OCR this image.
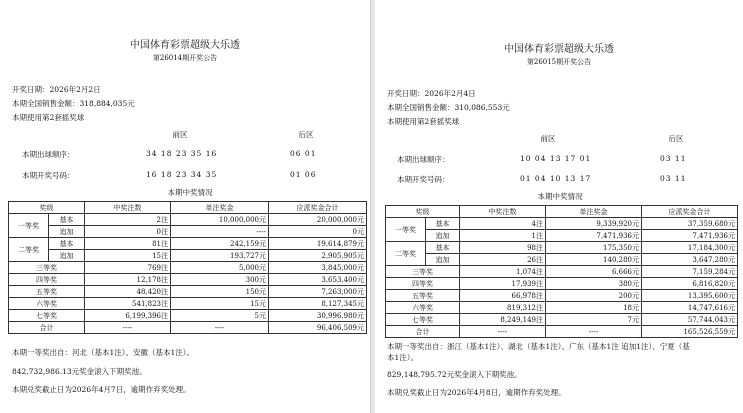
中国体育彩票超级大乐透
第26014期开奖公告
开奖日期：2026年2月2日
本期全国销售金额：318,884,035元
本期使用第2套摇奖球
前区	后区
本期出球顺序：	34 18 23 35 16	06 01
本期开奖号码：	16 18 23 34 35	01 06
本期中奖情况
奖级		中奖注数	单注奖金	应派奖金合计
一等奖	基本	2注	10,000,000元	20,000,000元
	追加	0注	----	0元
二等奖	基本	81注	242,159元	19,614,879元
	追加	15注	193,727元	2,905,905元
三等奖		769注	5,000元	3,845,000元
四等奖		12,178注	300元	3,653,400元
五等奖		48,420注	150元	7,263,000元
六等奖		541,823注	15元	8,127,345元
七等奖		6,199,396注	5元	30,996,980元
合计		----	----	96,406,509元
本期一等奖出自：河北（基本1注）、安徽（基本1注）。
842,732,986.13元奖金滚入下期奖池。
本期兑奖截止日为2026年4月7日，逾期作弃奖处理。
中国体育彩票超级大乐透
第26015期开奖公告
开奖日期：2026年2月4日
本期全国销售金额：310,086,553元
本期使用第2套摇奖球
前区	后区
本期出球顺序：	10 04 13 17 01	03 11
本期开奖号码：	01 04 10 13 17	03 11
本期中奖情况
奖级		中奖注数	单注奖金	应派奖金合计
一等奖	基本	4注	9,339,920元	37,359,680元
	追加	1注	7,471,936元	7,471,936元
二等奖	基本	98注	175,350元	17,184,300元
	追加	26注	140,280元	3,647,280元
三等奖		1,074注	6,666元	7,159,284元
四等奖		17,939注	380元	6,816,820元
五等奖		66,978注	200元	13,395,600元
六等奖		819,312注	18元	14,747,616元
七等奖		8,249,149注	7元	57,744,043元
合计		----	----	165,526,559元
本期一等奖出自：浙江（基本1注）、湖北（基本1注）、广东（基本1注 追加1注）、宁夏（基
本1注）。
829,148,795.72元奖金滚入下期奖池。
本期兑奖截止日为2026年4月8日，逾期作弃奖处理。
